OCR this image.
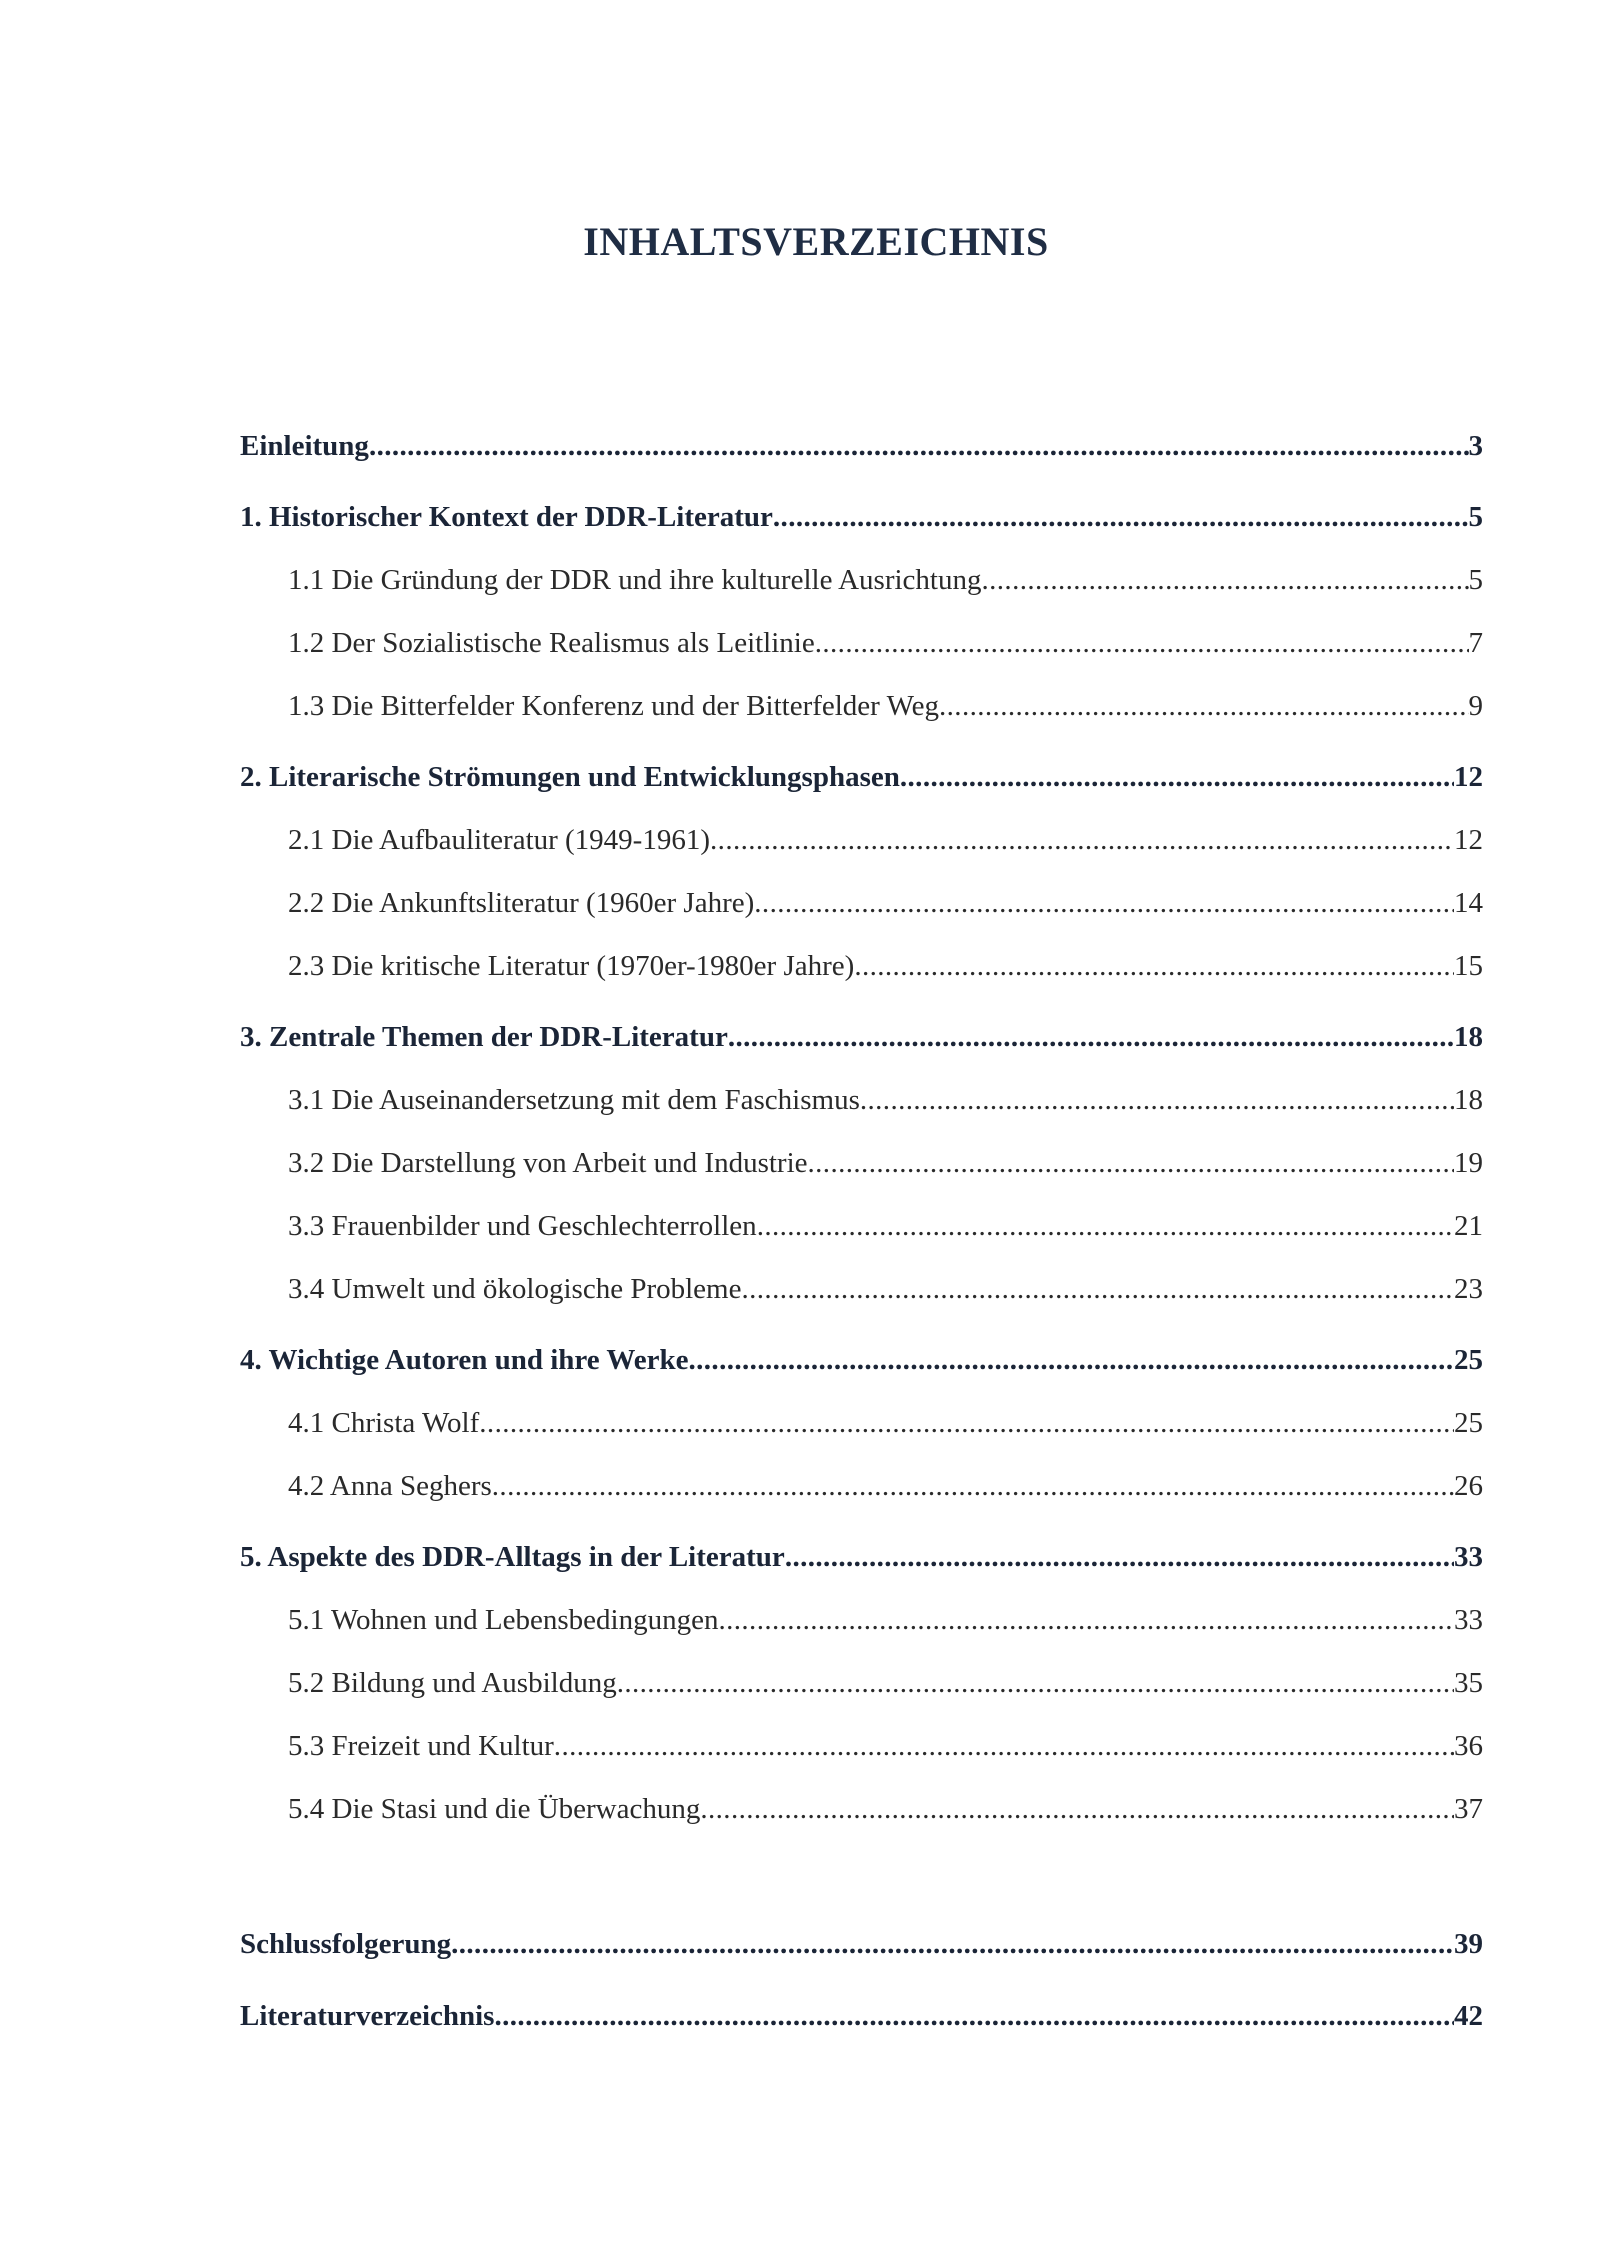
INHALTSVERZEICHNIS
Einleitung .....	3
1. Historischer Kontext der DDR-Literatur .....	5
1.1 Die Gründung der DDR und ihre kulturelle Ausrichtung .....	5
1.2 Der Sozialistische Realismus als Leitlinie .....	7
1.3 Die Bitterfelder Konferenz und der Bitterfelder Weg .....	9
2. Literarische Strömungen und Entwicklungsphasen .....	12
2.1 Die Aufbauliteratur (1949-1961) .....	12
2.2 Die Ankunftsliteratur (1960er Jahre) .....	14
2.3 Die kritische Literatur (1970er-1980er Jahre) .....	15
3. Zentrale Themen der DDR-Literatur .....	18
3.1 Die Auseinandersetzung mit dem Faschismus .....	18
3.2 Die Darstellung von Arbeit und Industrie .....	19
3.3 Frauenbilder und Geschlechterrollen .....	21
3.4 Umwelt und ökologische Probleme .....	23
4. Wichtige Autoren und ihre Werke .....	25
4.1 Christa Wolf .....	25
4.2 Anna Seghers .....	26
5. Aspekte des DDR-Alltags in der Literatur .....	33
5.1 Wohnen und Lebensbedingungen .....	33
5.2 Bildung und Ausbildung .....	35
5.3 Freizeit und Kultur .....	36
5.4 Die Stasi und die Überwachung .....	37
Schlussfolgerung .....	39
Literaturverzeichnis .....	42
